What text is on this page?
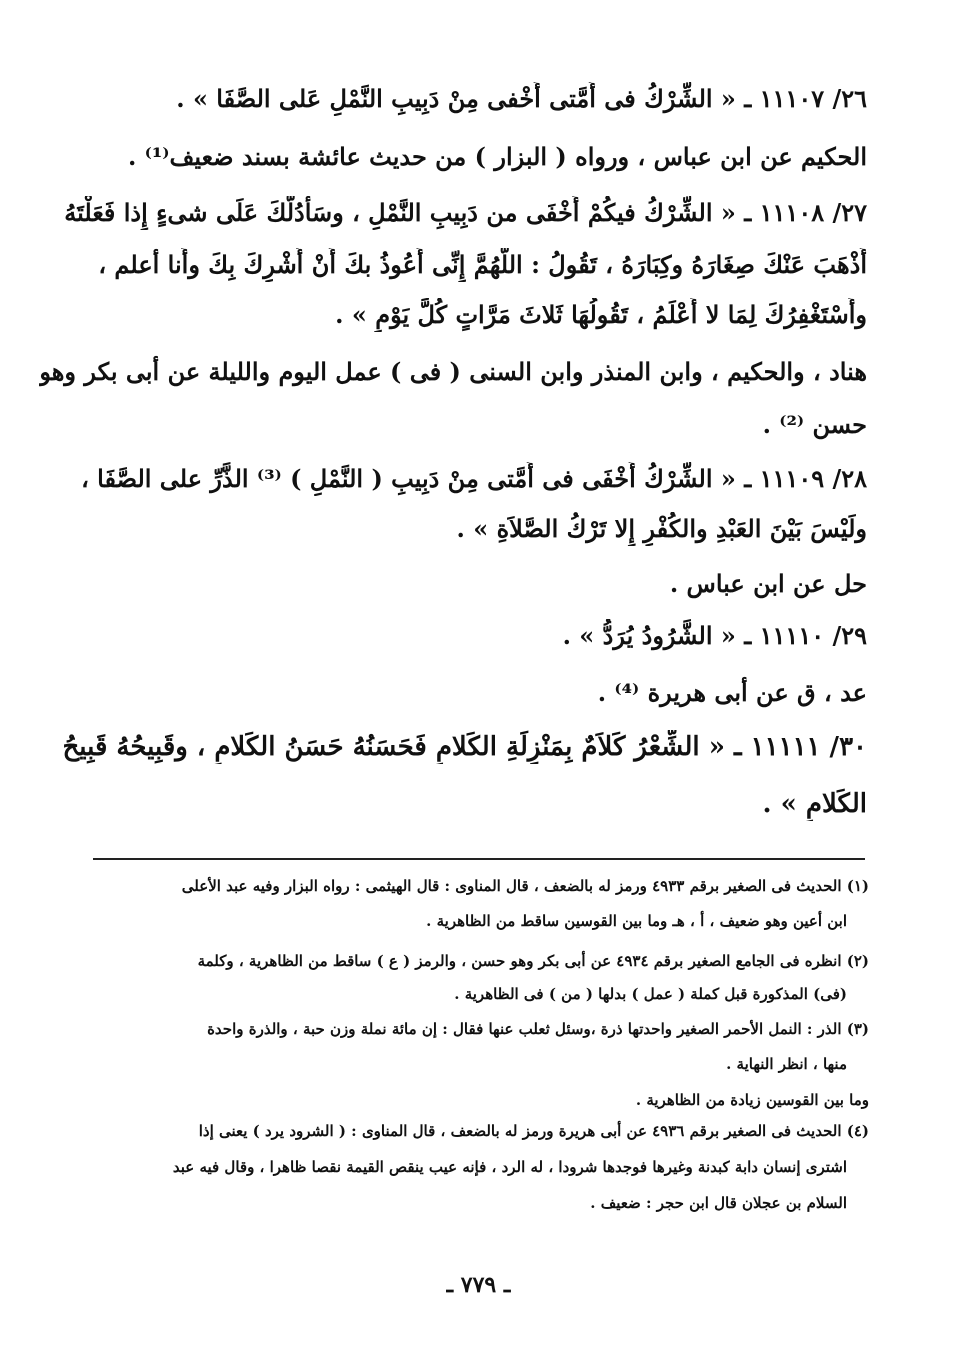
٢٦/ ١١١٠٧ ـ « الشِّرْكُ فى أُمَّتى أَخْفى مِنْ دَبِيبِ النَّمْلِ عَلى الصَّفَا » .
الحكيم عن ابن عباس ، ورواه ( البزار ) من حديث عائشة بسند ضعيف⁽¹⁾ .
٢٧/ ١١١٠٨ ـ « الشِّرْكُ فيكُمْ أَخْفَى من دَبِيبِ النَّمْلِ ، وسَأَدُلُّكَ عَلَى شىءٍ إِذا فَعَلْتَهُ
أَذْهَبَ عَنْكَ صِغَارَهُ وكِبَارَهُ ، تَقُولُ : اللَّهُمَّ إِنِّى أَعُوذُ بكَ أَنْ أُشْرِكَ بِكَ وأَنا أعلم ،
وأَسْتَغْفِرُكَ لِمَا لا أَعْلَمُ ، تَقُولُهَا ثَلاثَ مَرَّاتٍ كُلَّ يَوْمٍ » .
هناد ، والحكيم ، وابن المنذر وابن السنى ( فى ) عمل اليوم والليلة عن أبى بكر وهو
حسن ⁽²⁾ .
٢٨/ ١١١٠٩ ـ « الشِّرْكُ أَخْفَى فى أُمَّتى مِنْ دَبِيبِ ( النَّمْلِ ) ⁽³⁾ الذَّرِّ على الصَّفَا ،
ولَيْسَ بَيْنَ العَبْدِ والكُفْرِ إِلا تَرْكُ الصَّلاَةِ » .
حل عن ابن عباس .
٢٩/ ١١١١٠ ـ « الشَّرُودُ يُرَدُّ » .
عد ، ق عن أبى هريرة ⁽⁴⁾ .
٣٠/ ١١١١١ ـ « الشِّعْرُ كَلاَمٌ بِمَنْزِلَةِ الكَلامِ فَحَسَنُهُ حَسَنُ الكَلامِ ، وقَبِيحُهُ قَبِيحُ
الكَلامِ » .
(١) الحديث فى الصغير برقم ٤٩٣٣ ورمز له بالضعف ، قال المناوى : قال الهيثمى : رواه البزار وفيه عبد الأعلى
ابن أعين وهو ضعيف ، أ ، هـ وما بين القوسين ساقط من الظاهرية .
(٢) انظره فى الجامع الصغير برقم ٤٩٣٤ عن أبى بكر وهو حسن ، والرمز ( ع ) ساقط من الظاهرية ، وكلمة
(فى) المذكورة قبل كملة ( عمل ) بدلها ( من ) فى الظاهرية .
(٣) الذر : النمل الأحمر الصغير واحدتها ذرة ،وسئل ثعلب عنها فقال : إن مائة نملة وزن حبة ، والذرة واحدة
منها ، انظر النهاية .
وما بين القوسين زيادة من الظاهرية .
(٤) الحديث فى الصغير برقم ٤٩٣٦ عن أبى هريرة ورمز له بالضعف ، قال المناوى : ( الشرود يرد ) يعنى إذا
اشترى إنسان دابة كبدنة وغيرها فوجدها شرودا ، له الرد ، فإنه عيب ينقص القيمة نقصا ظاهرا ، وقال فيه عبد
السلام بن عجلان قال ابن حجر : ضعيف .
ـ ٧٧٩ ـ
